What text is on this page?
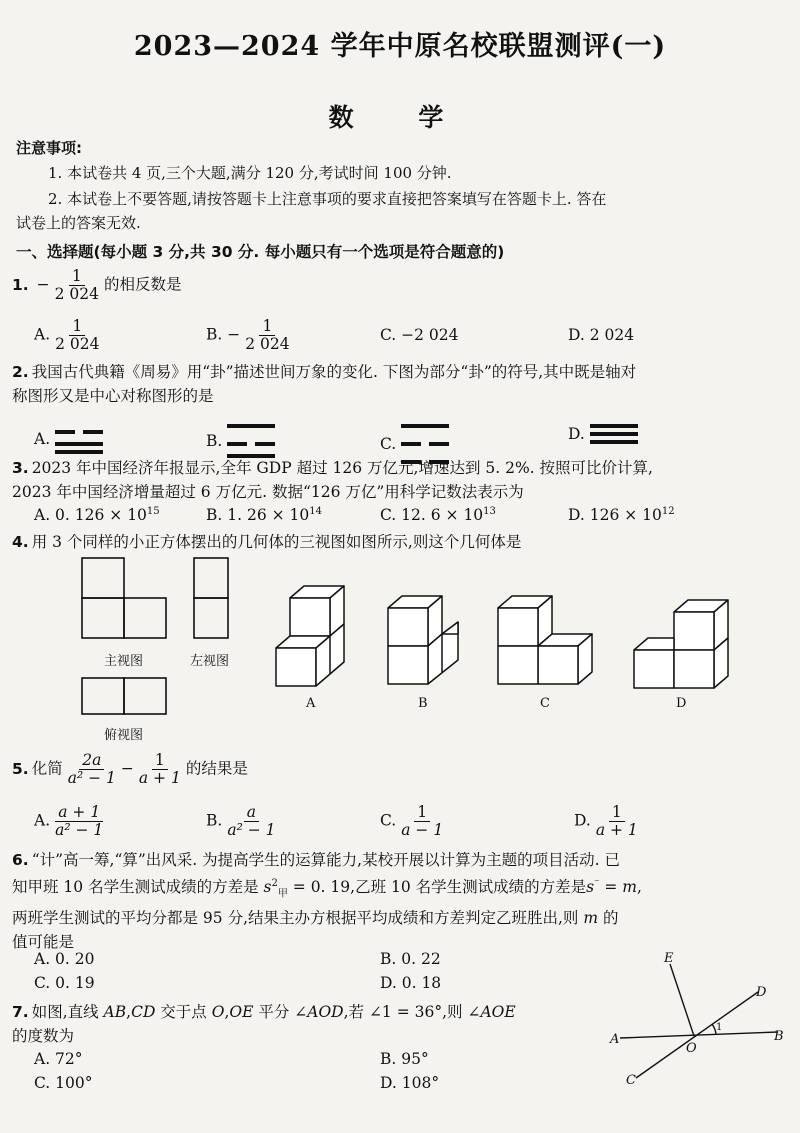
2023—2024 学年中原名校联盟测评(一)
数 学
注意事项:
1. 本试卷共 4 页,三个大题,满分 120 分,考试时间 100 分钟.
2. 本试卷上不要答题,请按答题卡上注意事项的要求直接把答案填写在答题卡上. 答在
试卷上的答案无效.
一、选择题(每小题 3 分,共 30 分. 每小题只有一个选项是符合题意的)
1. − $\frac{1}{2 024}$ 的相反数是
A. $\frac{1}{2 024}$	B. − $\frac{1}{2 024}$	C. −2 024	D. 2 024
2. 我国古代典籍《周易》用“卦”描述世间万象的变化. 下图为部分“卦”的符号,其中既是轴对
称图形又是中心对称图形的是
A.	B.	C.
D.
3. 2023 年中国经济年报显示,全年 GDP 超过 126 万亿元,增速达到 5. 2%. 按照可比价计算,
2023 年中国经济增量超过 6 万亿元. 数据“126 万亿”用科学记数法表示为
A. 0. $126 \times 10^{15}$	B. 1. $26 \times 10^{14}$	C. 12. $6 \times 10^{13}$	D. $126 \times 10^{12}$
4. 用 3 个同样的小正方体摆出的几何体的三视图如图所示,则这个几何体是
主视图	左视图
俯视图
A	B	C	D
5. 化简 $\frac{2a}{\text{a² − 1}} - \frac{1}{a + 1}$ 的结果是
A. $\frac{a + 1}{\text{a² − 1}}$	B. $\frac{a}{\text{a² − 1}}$	C. $\frac{1}{a - 1}$	D. $\frac{1}{a + 1}$
6. “计”高一筹,“算”出风采. 为提高学生的运算能力,某校开展以计算为主题的项目活动. 已
知甲班 10 名学生测试成绩的方差是 $s^2_甲 = 0$. 19,乙班 10 名学生测试成绩的方差是s⁻ = m,
两班学生测试的平均分都是 95 分,结果主办方根据平均成绩和方差判定乙班胜出,则 m 的
值可能是
A. 0. 20	B. 0. 22
C. 0. 19	D. 0. 18
7. 如图,直线 AB,CD 交于点 O,OE 平分 ∠AOD,若 ∠1 = 36°,则 ∠AOE
的度数为
A. 72°	B. 95°
C. 100°	D. 108°
E
D
A
O
B
C
1
